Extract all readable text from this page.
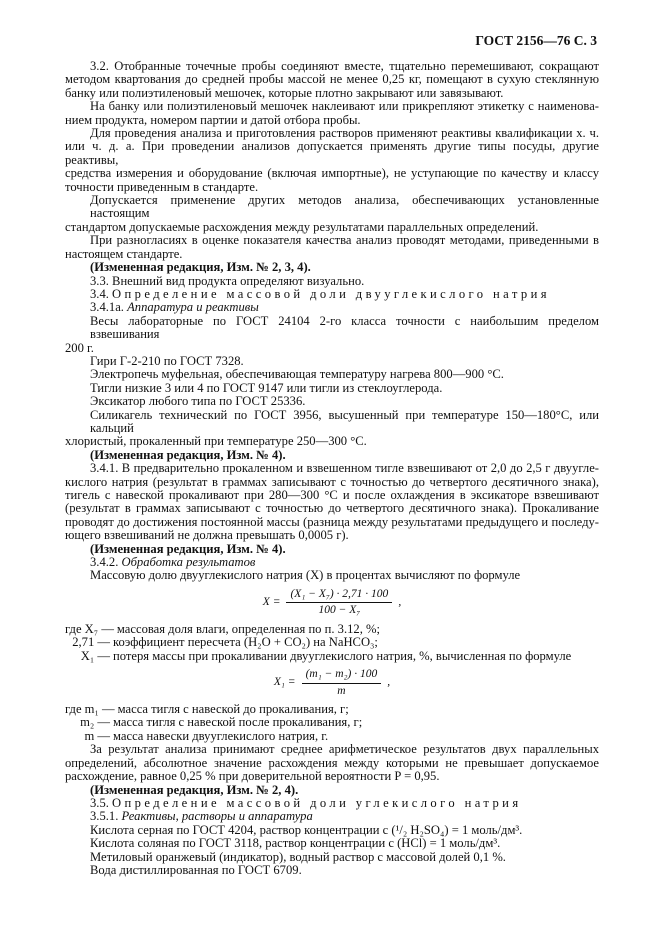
ГОСТ 2156—76 С. 3
3.2. Отобранные точечные пробы соединяют вместе, тщательно перемешивают, сокращают
методом квартования до средней пробы массой не менее 0,25 кг, помещают в сухую стеклянную
банку или полиэтиленовый мешочек, которые плотно закрывают или завязывают.
На банку или полиэтиленовый мешочек наклеивают или прикрепляют этикетку с наименова-
нием продукта, номером партии и датой отбора пробы.
Для проведения анализа и приготовления растворов применяют реактивы квалификации х. ч.
или ч. д. а. При проведении анализов допускается применять другие типы посуды, другие реактивы,
средства измерения и оборудование (включая импортные), не уступающие по качеству и классу
точности приведенным в стандарте.
Допускается применение других методов анализа, обеспечивающих установленные настоящим
стандартом допускаемые расхождения между результатами параллельных определений.
При разногласиях в оценке показателя качества анализ проводят методами, приведенными в
настоящем стандарте.
(Измененная редакция, Изм. № 2, 3, 4).
3.3. Внешний вид продукта определяют визуально.
3.4. Определение массовой доли двууглекислого натрия
3.4.1а. Аппаратура и реактивы
Весы лабораторные по ГОСТ 24104 2-го класса точности с наибольшим пределом взвешивания
200 г.
Гири Г-2-210 по ГОСТ 7328.
Электропечь муфельная, обеспечивающая температуру нагрева 800—900 °С.
Тигли низкие 3 или 4 по ГОСТ 9147 или тигли из стеклоуглерода.
Эксикатор любого типа по ГОСТ 25336.
Силикагель технический по ГОСТ 3956, высушенный при температуре 150—180°С, или кальций
хлористый, прокаленный при температуре 250—300 °С.
(Измененная редакция, Изм. № 4).
3.4.1. В предварительно прокаленном и взвешенном тигле взвешивают от 2,0 до 2,5 г двуугле-
кислого натрия (результат в граммах записывают с точностью до четвертого десятичного знака),
тигель с навеской прокаливают при 280—300 °С и после охлаждения в эксикаторе взвешивают
(результат в граммах записывают с точностью до четвертого десятичного знака). Прокаливание
проводят до достижения постоянной массы (разница между результатами предыдущего и последу-
ющего взвешиваний не должна превышать 0,0005 г).
(Измененная редакция, Изм. № 4).
3.4.2. Обработка результатов
Массовую долю двууглекислого натрия (X) в процентах вычисляют по формуле
$X = \frac{\text{(X₁ − X₇) · 2,71 · 100}}{\text{100 − X₇}}$ ,
где X₇ — массовая доля влаги, определенная по п. 3.12, %;
2,71 — коэффициент пересчета (H₂O + CO₂) на NaHCO₃;
X₁ — потеря массы при прокаливании двууглекислого натрия, %, вычисленная по формуле
$X_1 = \frac{\text{(m₁ − m₂) · 100}}{m}$ ,
где m₁ — масса тигля с навеской до прокаливания, г;
m₂ — масса тигля с навеской после прокаливания, г;
m — масса навески двууглекислого натрия, г.
За результат анализа принимают среднее арифметическое результатов двух параллельных
определений, абсолютное значение расхождения между которыми не превышает допускаемое
расхождение, равное 0,25 % при доверительной вероятности P = 0,95.
(Измененная редакция, Изм. № 2, 4).
3.5. Определение массовой доли углекислого натрия
3.5.1. Реактивы, растворы и аппаратура
Кислота серная по ГОСТ 4204, раствор концентрации c (¹/₂ H₂SO₄) = 1 моль/дм³.
Кислота соляная по ГОСТ 3118, раствор концентрации c (HCl) = 1 моль/дм³.
Метиловый оранжевый (индикатор), водный раствор с массовой долей 0,1 %.
Вода дистиллированная по ГОСТ 6709.
